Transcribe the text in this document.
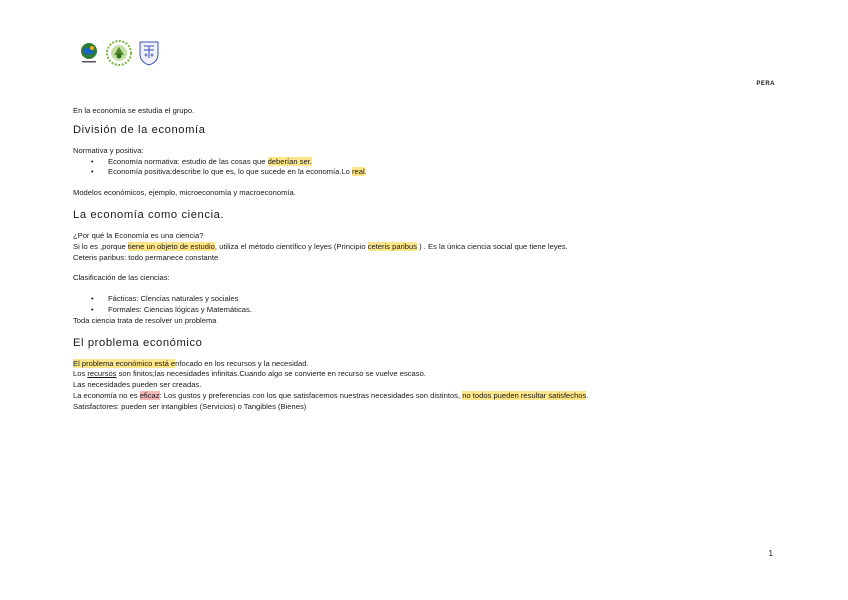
PERA

En la economía se estudia el grupo.

División de la economía

Normativa y positiva:

• Economía normativa: estudio de las cosas que deberían ser.
• Economía positiva:describe lo que es, lo que sucede en la economía.Lo real.

Modelos económicos, ejemplo, microeconomía y macroeconomía.

La economía como ciencia.

¿Por qué la Economía es una ciencia?

Si lo es ,porque tiene un objeto de estudio, utiliza el método científico y leyes (Principio ceteris paribus ) . Es la única ciencia social que tiene leyes.

Ceteris paribus: todo permanece constante

Clasificación de las ciencias:

• Fácticas: Clencias naturales y sociales
• Formales: Ciencias lógicas y Matemáticas.

Toda ciencia trata de resolver un problema

El problema económico

El problema económico está enfocado en los recursos y la necesidad.

Los recursos son finitos;las necesidades infinitas.Cuando algo se convierte en recurso se vuelve escaso.

Las necesidades pueden ser creadas.

La economía no es eficaz: Los gustos y preferencias con los que satisfacemos nuestras necesidades son distintos, no todos pueden resultar satisfechos.

Satisfactores: pueden ser intangibles (Servicios) o Tangibles (Bienes)

1
